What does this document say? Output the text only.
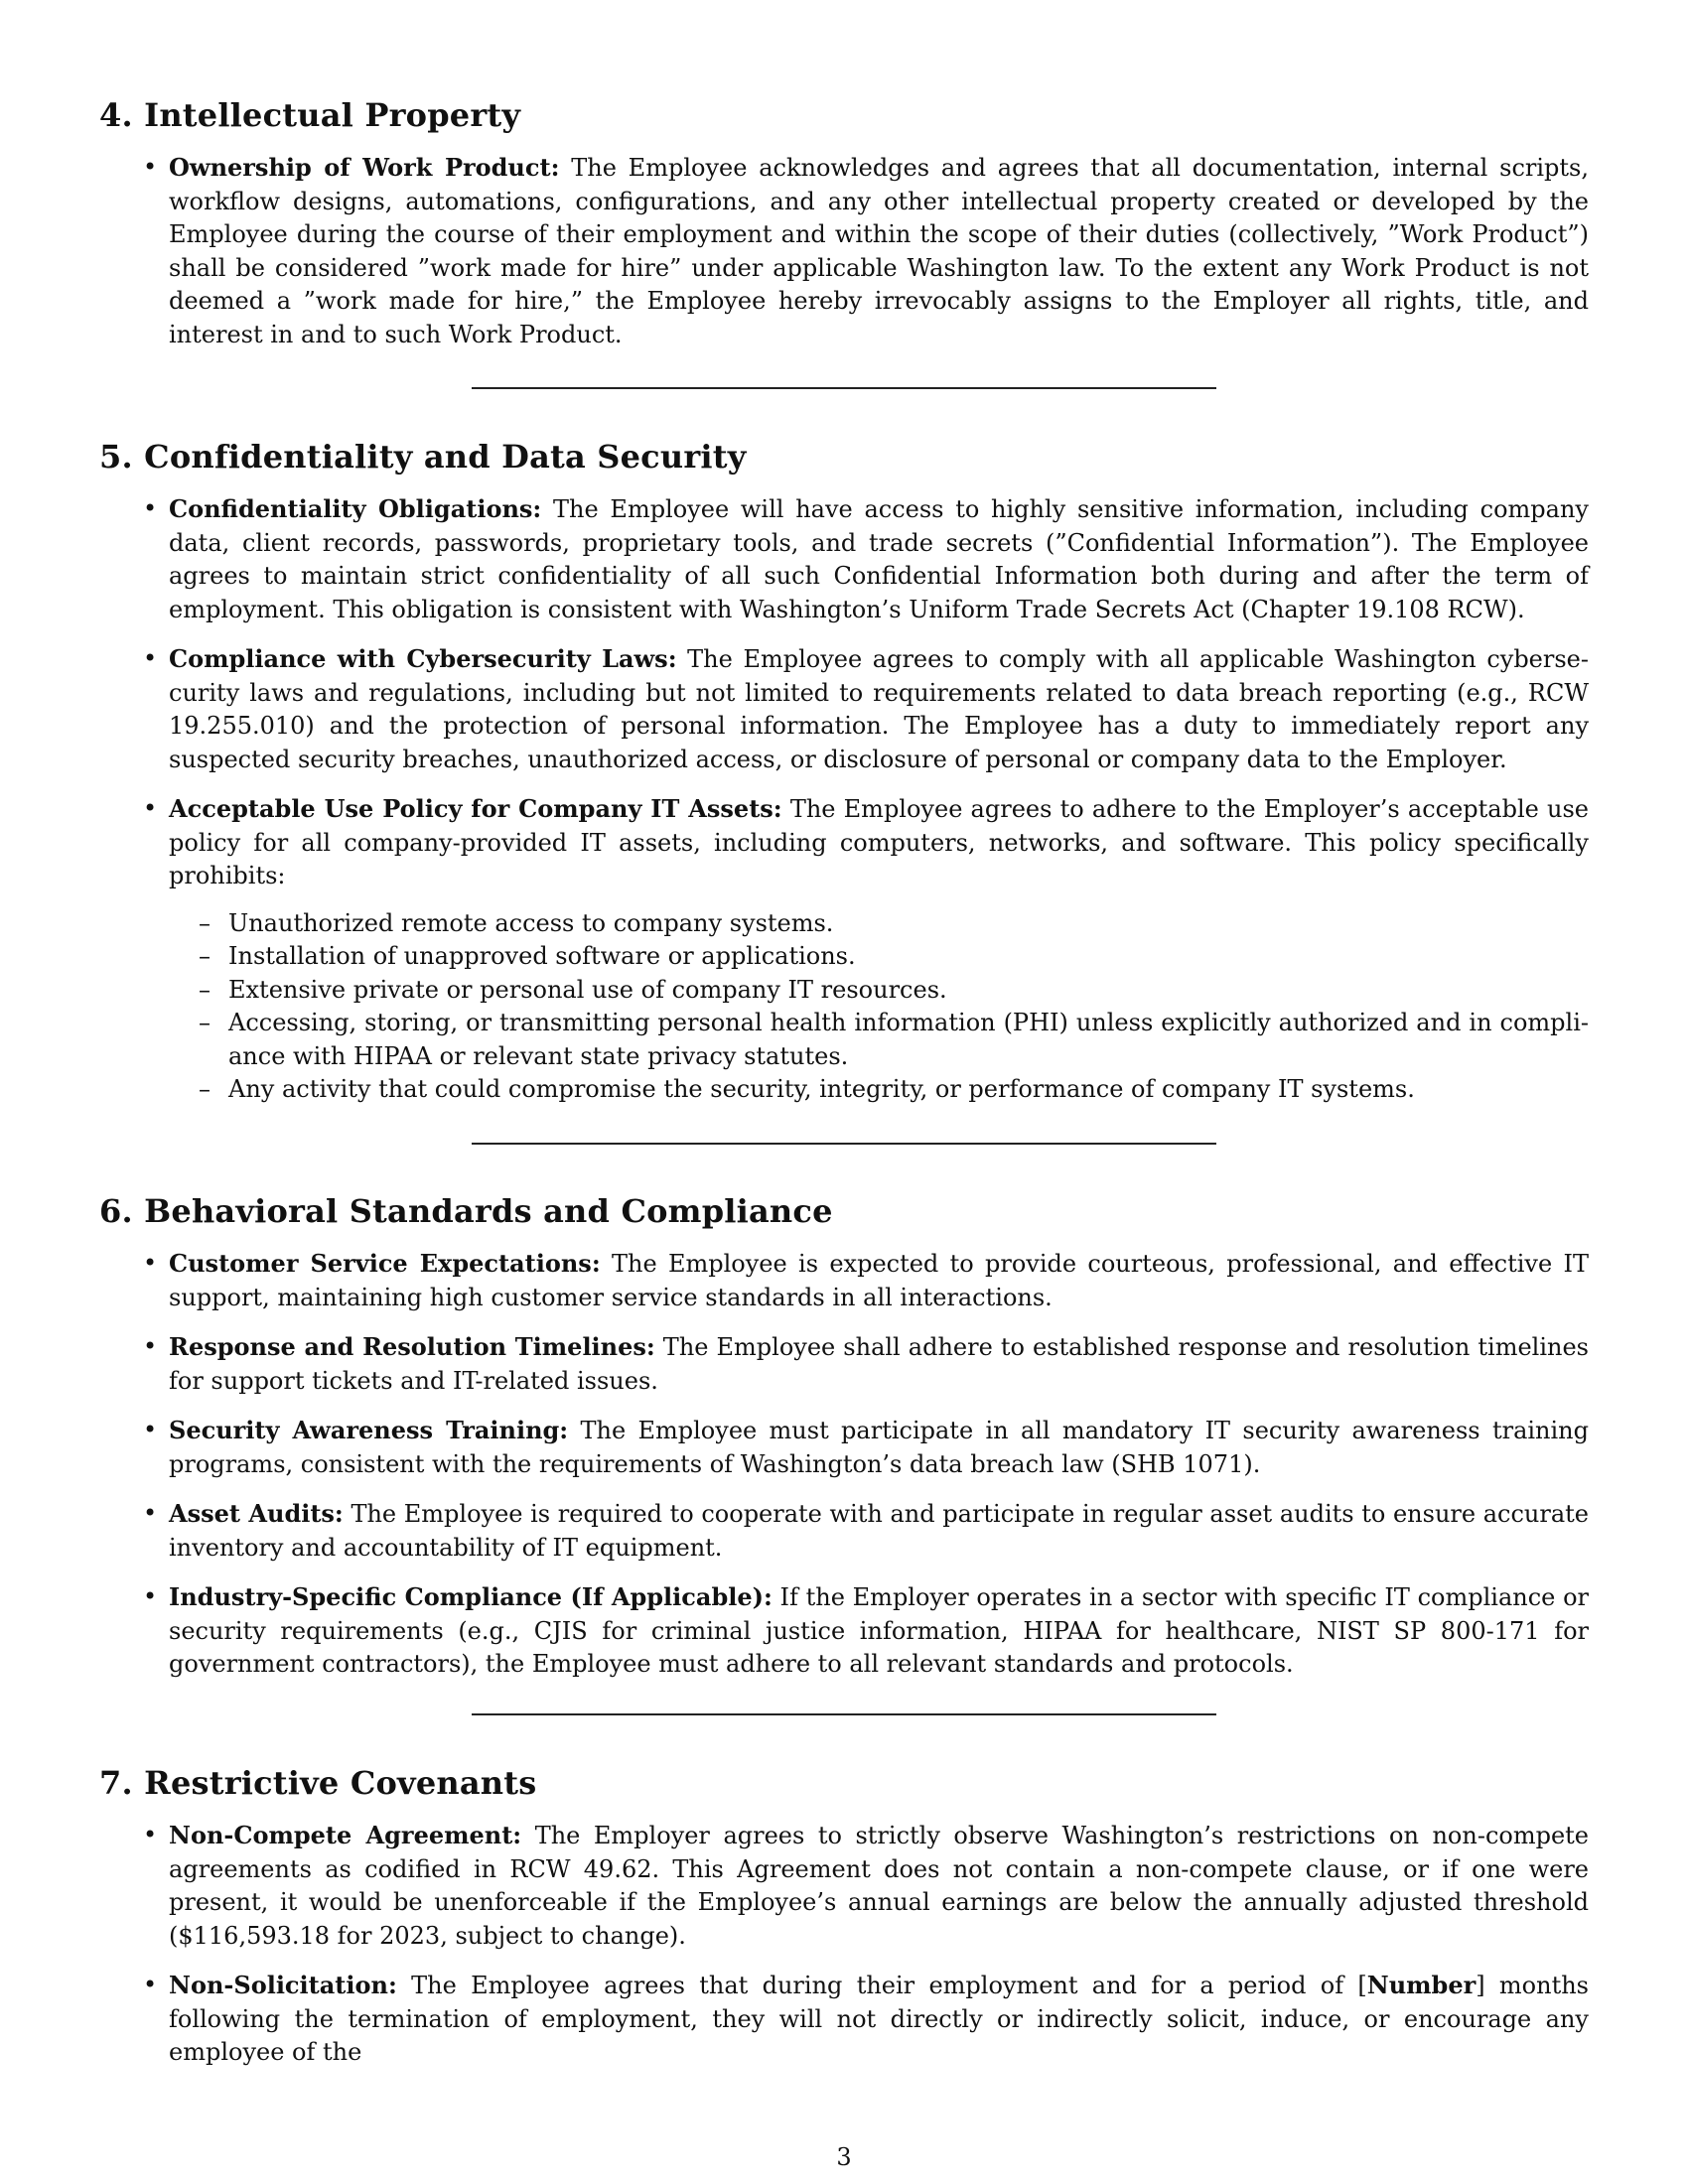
4. Intellectual Property
• Ownership of Work Product: The Employee acknowledges and agrees that all documentation, internal scripts, workflow designs, automations, configurations, and any other intellectual property created or developed by the Employee during the course of their employment and within the scope of their duties (collectively, ”Work Product”) shall be considered ”work made for hire” under applicable Washington law. To the extent any Work Product is not deemed a ”work made for hire,” the Employee hereby irrevocably assigns to the Employer all rights, title, and interest in and to such Work Product.
5. Confidentiality and Data Security
• Confidentiality Obligations: The Employee will have access to highly sensitive information, including company data, client records, passwords, proprietary tools, and trade secrets (”Confidential Information”). The Employee agrees to maintain strict confidentiality of all such Confidential Information both during and after the term of employment. This obligation is consistent with Washington’s Uniform Trade Secrets Act (Chapter 19.108 RCW).
• Compliance with Cybersecurity Laws: The Employee agrees to comply with all applicable Washington cybersecurity laws and regulations, including but not limited to requirements related to data breach reporting (e.g., RCW 19.255.010) and the protection of personal information. The Employee has a duty to immediately report any suspected security breaches, unauthorized access, or disclosure of personal or company data to the Employer.
• Acceptable Use Policy for Company IT Assets: The Employee agrees to adhere to the Employer’s acceptable use policy for all company-provided IT assets, including computers, networks, and software. This policy specifically prohibits:
– Unauthorized remote access to company systems.
– Installation of unapproved software or applications.
– Extensive private or personal use of company IT resources.
– Accessing, storing, or transmitting personal health information (PHI) unless explicitly authorized and in compliance with HIPAA or relevant state privacy statutes.
– Any activity that could compromise the security, integrity, or performance of company IT systems.
6. Behavioral Standards and Compliance
• Customer Service Expectations: The Employee is expected to provide courteous, professional, and effective IT support, maintaining high customer service standards in all interactions.
• Response and Resolution Timelines: The Employee shall adhere to established response and resolution timelines for support tickets and IT-related issues.
• Security Awareness Training: The Employee must participate in all mandatory IT security awareness training programs, consistent with the requirements of Washington’s data breach law (SHB 1071).
• Asset Audits: The Employee is required to cooperate with and participate in regular asset audits to ensure accurate inventory and accountability of IT equipment.
• Industry-Specific Compliance (If Applicable): If the Employer operates in a sector with specific IT compliance or security requirements (e.g., CJIS for criminal justice information, HIPAA for healthcare, NIST SP 800-171 for government contractors), the Employee must adhere to all relevant standards and protocols.
7. Restrictive Covenants
• Non-Compete Agreement: The Employer agrees to strictly observe Washington’s restrictions on non-compete agreements as codified in RCW 49.62. This Agreement does not contain a non-compete clause, or if one were present, it would be unenforceable if the Employee’s annual earnings are below the annually adjusted threshold ($116,593.18 for 2023, subject to change).
• Non-Solicitation: The Employee agrees that during their employment and for a period of [Number] months following the termination of employment, they will not directly or indirectly solicit, induce, or encourage any employee of the
3
